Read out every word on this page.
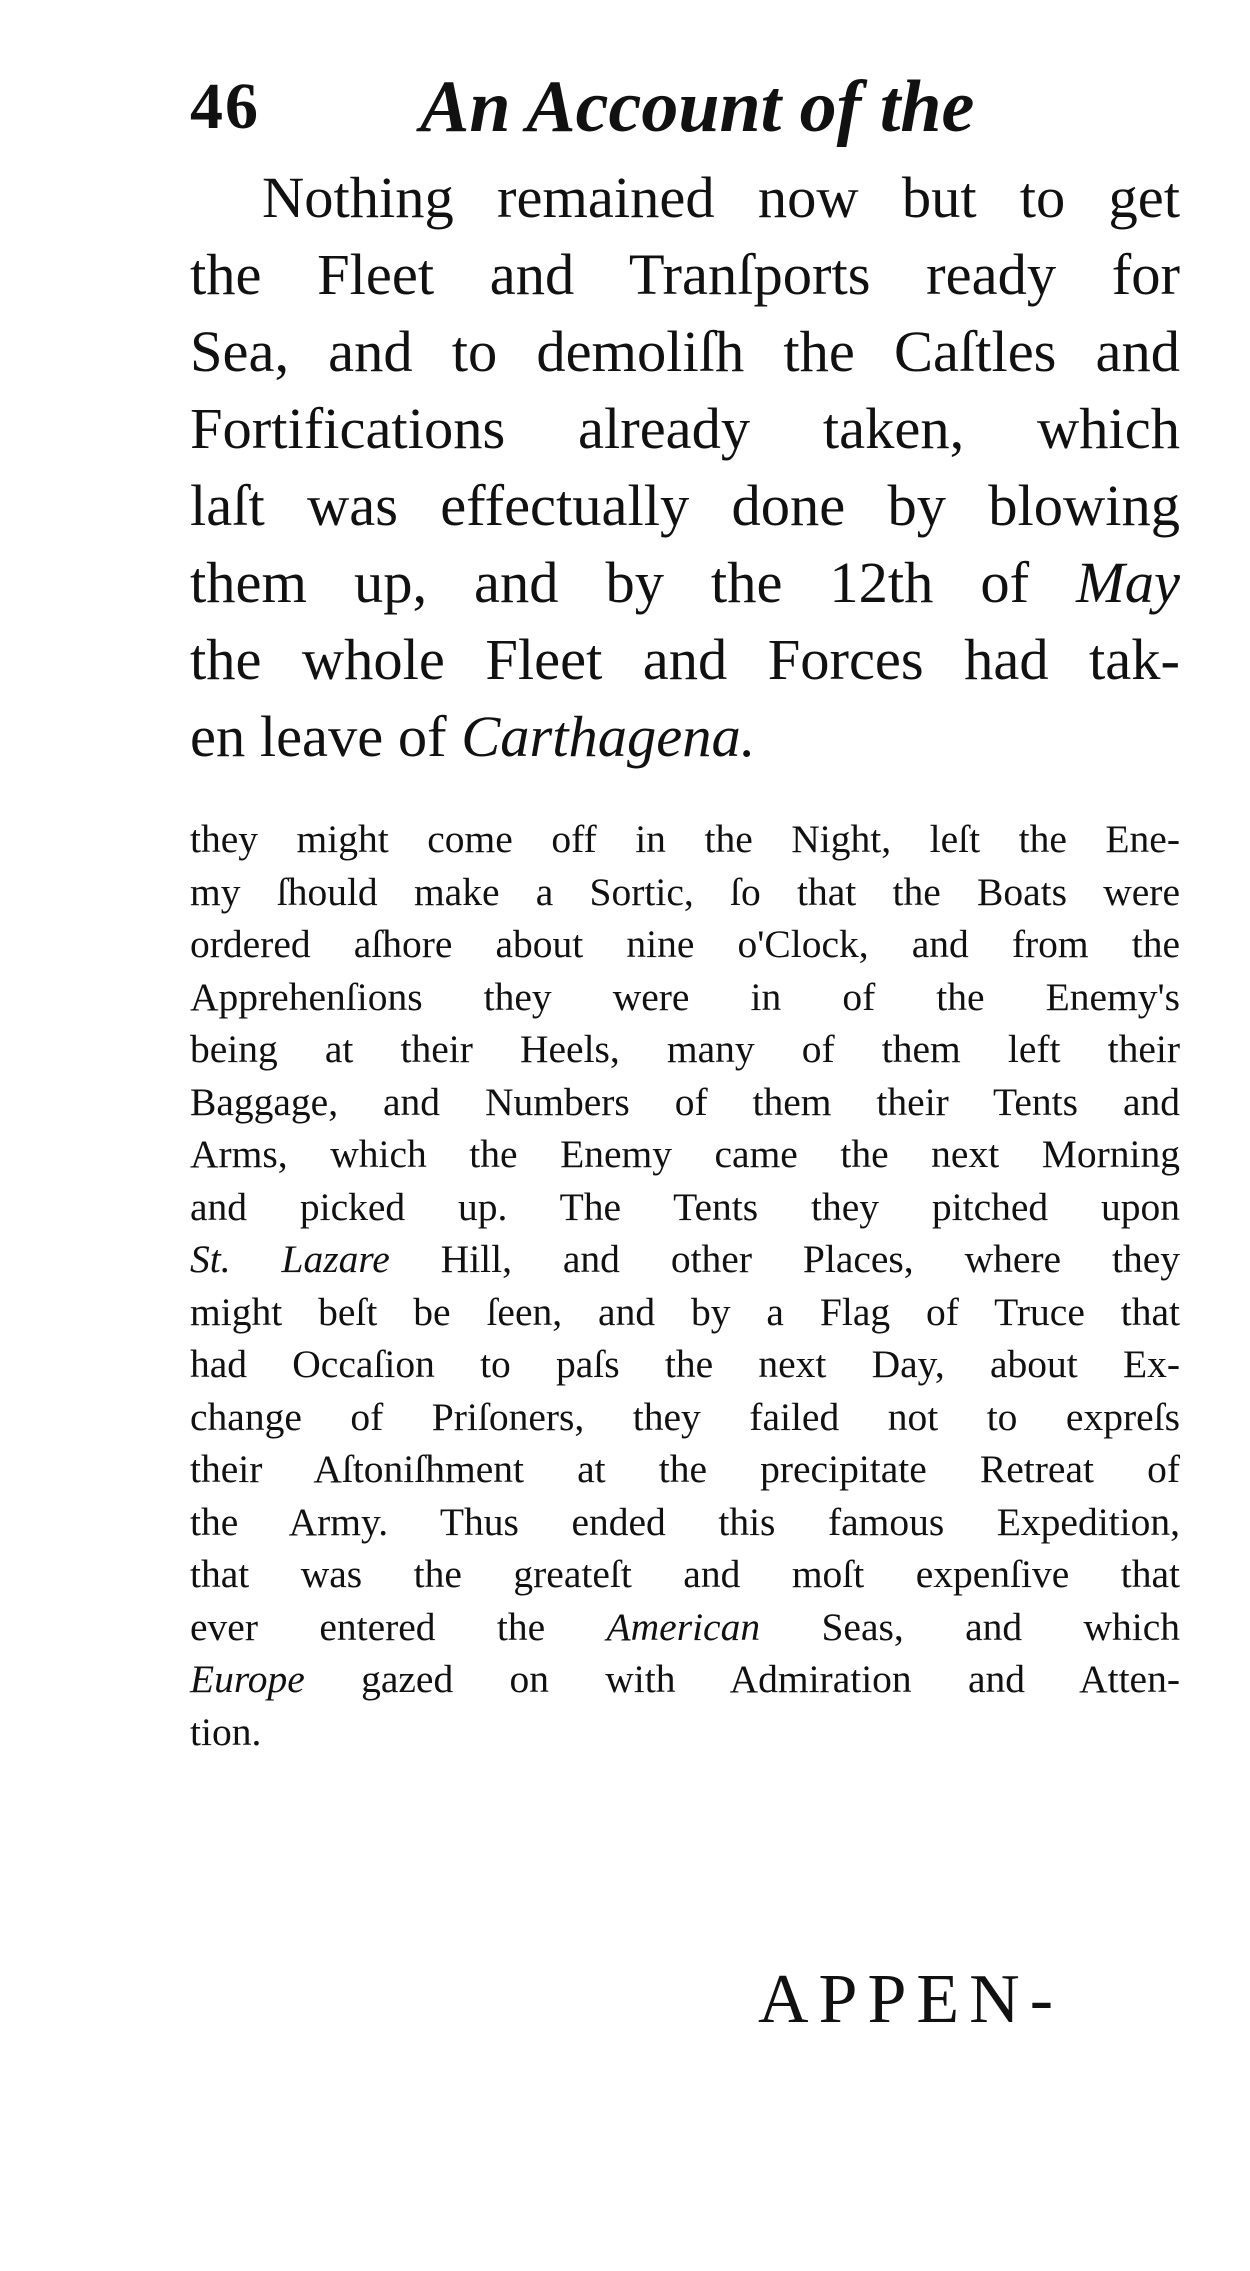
46 An Account of the
Nothing remained now but to get
the Fleet and Tranſports ready for
Sea, and to demoliſh the Caſtles and
Fortifications already taken, which
laſt was effectually done by blowing
them up, and by the 12th of May
the whole Fleet and Forces had tak-
en leave of Carthagena.
they might come off in the Night, leſt the Ene-
my ſhould make a Sortic, ſo that the Boats were
ordered aſhore about nine o'Clock, and from the
Apprehenſions they were in of the Enemy's
being at their Heels, many of them left their
Baggage, and Numbers of them their Tents and
Arms, which the Enemy came the next Morning
and picked up. The Tents they pitched upon
St. Lazare Hill, and other Places, where they
might beſt be ſeen, and by a Flag of Truce that
had Occaſion to paſs the next Day, about Ex-
change of Priſoners, they failed not to expreſs
their Aſtoniſhment at the precipitate Retreat of
the Army. Thus ended this famous Expedition,
that was the greateſt and moſt expenſive that
ever entered the American Seas, and which
Europe gazed on with Admiration and Atten-
tion.
APPEN-
